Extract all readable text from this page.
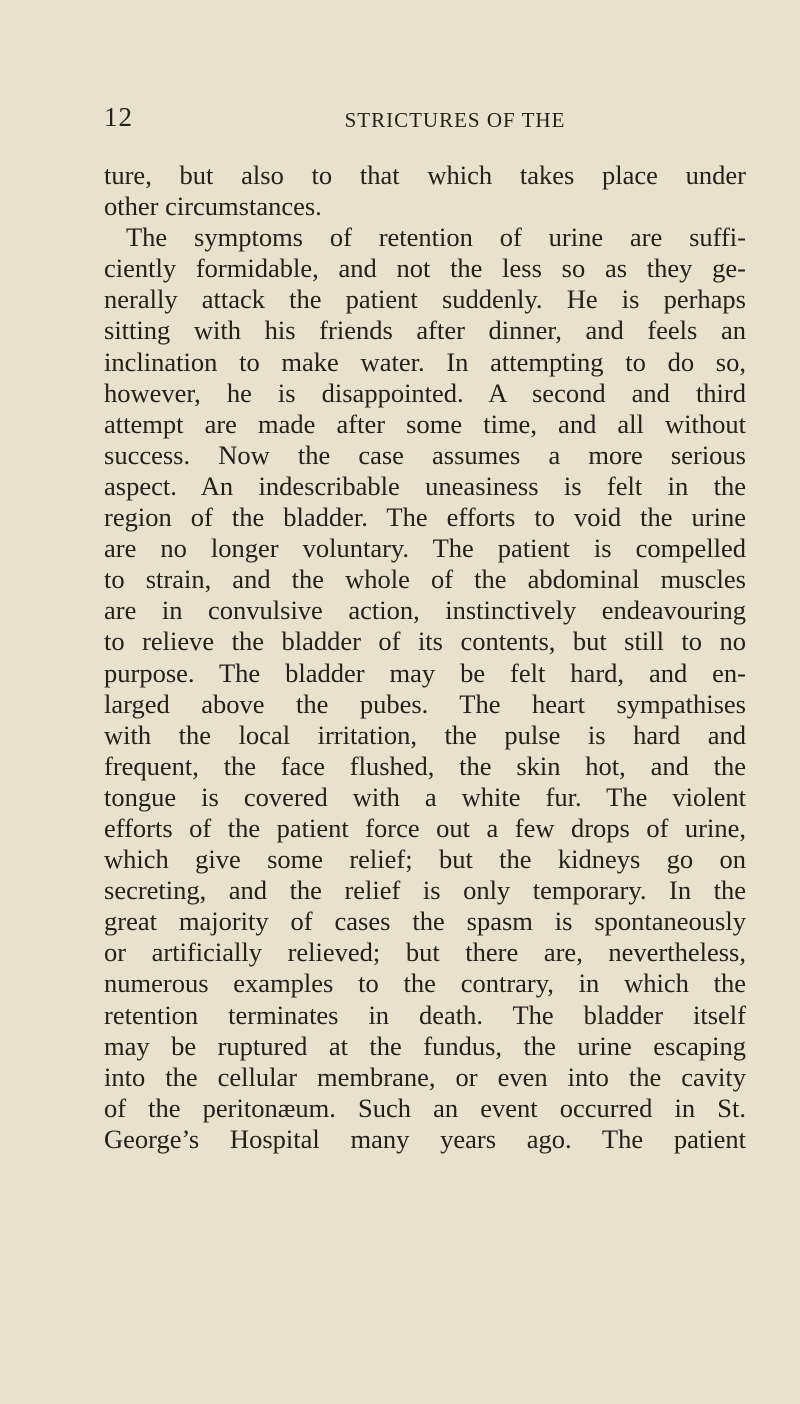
12	STRICTURES OF THE
ture, but also to that which takes place under
other circumstances.
The symptoms of retention of urine are suffi-
ciently formidable, and not the less so as they ge-
nerally attack the patient suddenly. He is perhaps
sitting with his friends after dinner, and feels an
inclination to make water. In attempting to do so,
however, he is disappointed. A second and third
attempt are made after some time, and all without
success. Now the case assumes a more serious
aspect. An indescribable uneasiness is felt in the
region of the bladder. The efforts to void the urine
are no longer voluntary. The patient is compelled
to strain, and the whole of the abdominal muscles
are in convulsive action, instinctively endeavouring
to relieve the bladder of its contents, but still to no
purpose. The bladder may be felt hard, and en-
larged above the pubes. The heart sympathises
with the local irritation, the pulse is hard and
frequent, the face flushed, the skin hot, and the
tongue is covered with a white fur. The violent
efforts of the patient force out a few drops of urine,
which give some relief; but the kidneys go on
secreting, and the relief is only temporary. In the
great majority of cases the spasm is spontaneously
or artificially relieved; but there are, nevertheless,
numerous examples to the contrary, in which the
retention terminates in death. The bladder itself
may be ruptured at the fundus, the urine escaping
into the cellular membrane, or even into the cavity
of the peritonæum. Such an event occurred in St.
George’s Hospital many years ago. The patient
